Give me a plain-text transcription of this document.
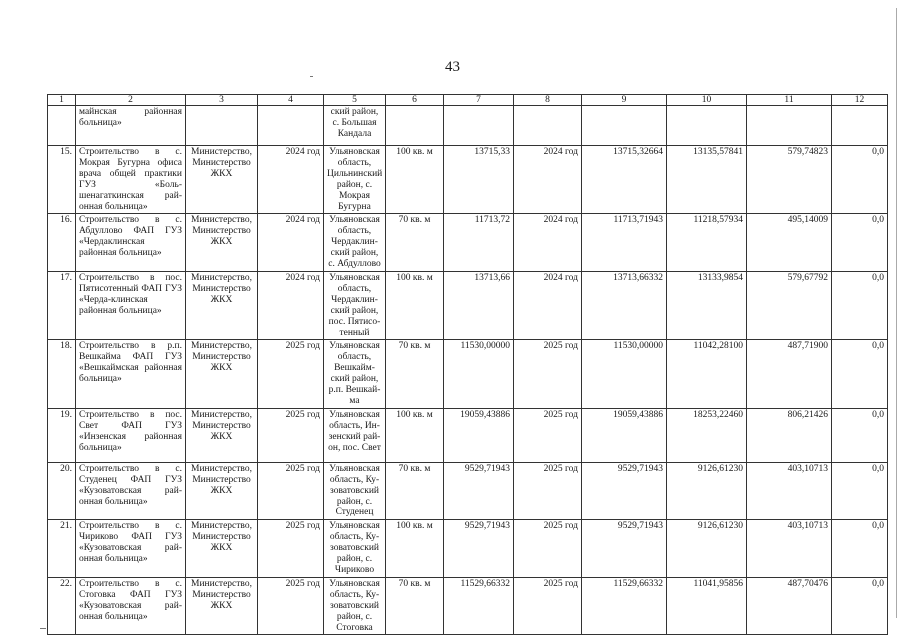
43
1	2	3	4	5	6	7	8	9	10	11	12
	майнская районная больница»			ский район, с. Большая Кандала							
15.	Строительство в с. Мокрая Бугурна офиса врача общей практики ГУЗ «Боль-шенагаткинская рай-онная больница»	Министерство, Министерство ЖКХ	2024 год	Ульяновская область, Цильнинский район, с. Мокрая Бугурна	100 кв. м	13715,33	2024 год	13715,32664	13135,57841	579,74823	0,0
16.	Строительство в с. Абдуллово ФАП ГУЗ «Чердаклинская районная больница»	Министерство, Министерство ЖКХ	2024 год	Ульяновская область, Чердаклин-ский район, с. Абдуллово	70 кв. м	11713,72	2024 год	11713,71943	11218,57934	495,14009	0,0
17.	Строительство в пос. Пятисотенный ФАП ГУЗ «Черда-клинская районная больница»	Министерство, Министерство ЖКХ	2024 год	Ульяновская область, Чердаклин-ский район, пос. Пятисо-тенный	100 кв. м	13713,66	2024 год	13713,66332	13133,9854	579,67792	0,0
18.	Строительство в р.п. Вешкайма ФАП ГУЗ «Вешкаймская районная больница»	Министерство, Министерство ЖКХ	2025 год	Ульяновская область, Вешкайм-ский район, р.п. Вешкай-ма	70 кв. м	11530,00000	2025 год	11530,00000	11042,28100	487,71900	0,0
19.	Строительство в пос. Свет ФАП ГУЗ «Инзенская районная больница»	Министерство, Министерство ЖКХ	2025 год	Ульяновская область, Ин-зенский рай-он, пос. Свет	100 кв. м	19059,43886	2025 год	19059,43886	18253,22460	806,21426	0,0
20.	Строительство в с. Студенец ФАП ГУЗ «Кузоватовская рай-онная больница»	Министерство, Министерство ЖКХ	2025 год	Ульяновская область, Ку-зоватовский район, с. Студенец	70 кв. м	9529,71943	2025 год	9529,71943	9126,61230	403,10713	0,0
21.	Строительство в с. Чириково ФАП ГУЗ «Кузоватовская рай-онная больница»	Министерство, Министерство ЖКХ	2025 год	Ульяновская область, Ку-зоватовский район, с. Чириково	100 кв. м	9529,71943	2025 год	9529,71943	9126,61230	403,10713	0,0
22.	Строительство в с. Стоговка ФАП ГУЗ «Кузоватовская рай-онная больница»	Министерство, Министерство ЖКХ	2025 год	Ульяновская область, Ку-зоватовский район, с. Стоговка	70 кв. м	11529,66332	2025 год	11529,66332	11041,95856	487,70476	0,0
